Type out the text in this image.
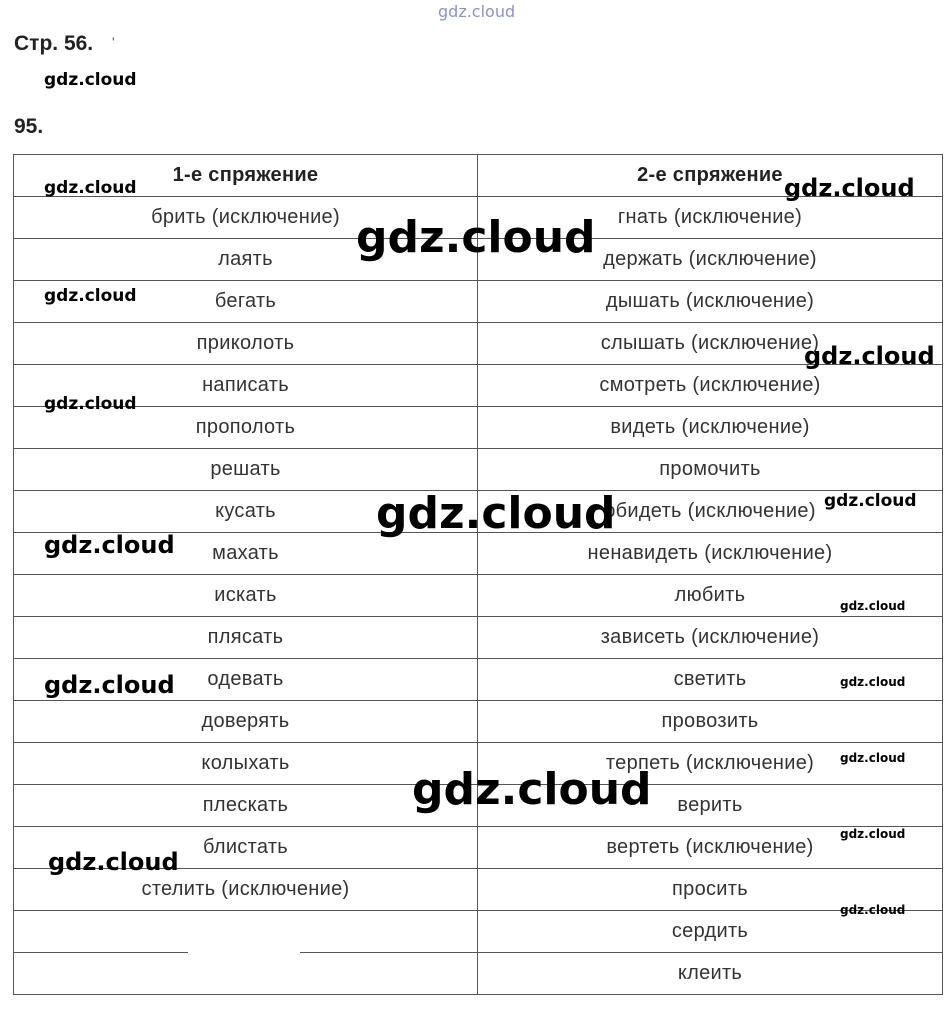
gdz.cloud
Стр. 56. '
95.
1-е спряжение	2-е спряжение
брить (исключение)	гнать (исключение)
лаять	держать (исключение)
бегать	дышать (исключение)
приколоть	слышать (исключение)
написать	смотреть (исключение)
прополоть	видеть (исключение)
решать	промочить
кусать	обидеть (исключение)
махать	ненавидеть (исключение)
искать	любить
плясать	зависеть (исключение)
одевать	светить
доверять	провозить
колыхать	терпеть (исключение)
плескать	верить
блистать	вертеть (исключение)
стелить (исключение)	просить
	сердить
	клеить
gdz.cloud
gdz.cloud	gdz.cloud
gdz.cloud
gdz.cloud
gdz.cloud
gdz.cloud
gdz.cloud
gdz.cloud
gdz.cloud
gdz.cloud
gdz.cloud	gdz.cloud
gdz.cloud
gdz.cloud
gdz.cloud
gdz.cloud
gdz.cloud
